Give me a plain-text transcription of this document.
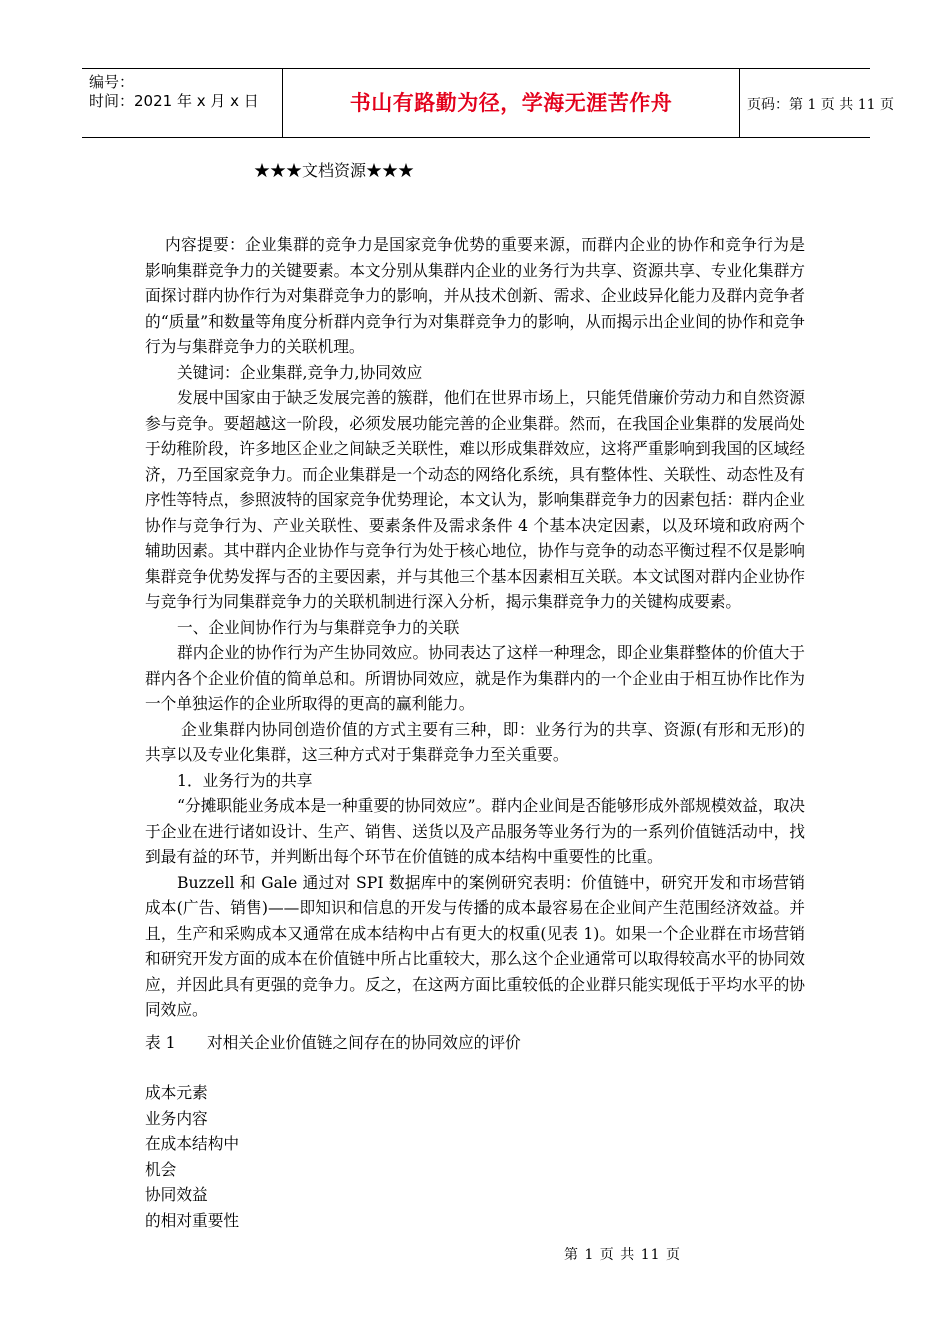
编号：
时间：2021 年 x 月 x 日	书山有路勤为径，学海无涯苦作舟	页码：第 1 页 共 11 页
★★★文档资源★★★

内容提要：企业集群的竞争力是国家竞争优势的重要来源，而群内企业的协作和竞争行为是影响集群竞争力的关键要素。本文分别从集群内企业的业务行为共享、资源共享、专业化集群方面探讨群内协作行为对集群竞争力的影响，并从技术创新、需求、企业歧异化能力及群内竞争者的“质量”和数量等角度分析群内竞争行为对集群竞争力的影响，从而揭示出企业间的协作和竞争行为与集群竞争力的关联机理。

关键词：企业集群,竞争力,协同效应

发展中国家由于缺乏发展完善的簇群，他们在世界市场上，只能凭借廉价劳动力和自然资源参与竞争。要超越这一阶段，必须发展功能完善的企业集群。然而，在我国企业集群的发展尚处于幼稚阶段，许多地区企业之间缺乏关联性，难以形成集群效应，这将严重影响到我国的区域经济，乃至国家竞争力。而企业集群是一个动态的网络化系统，具有整体性、关联性、动态性及有序性等特点，参照波特的国家竞争优势理论，本文认为，影响集群竞争力的因素包括：群内企业协作与竞争行为、产业关联性、要素条件及需求条件 4 个基本决定因素，以及环境和政府两个辅助因素。其中群内企业协作与竞争行为处于核心地位，协作与竞争的动态平衡过程不仅是影响集群竞争优势发挥与否的主要因素，并与其他三个基本因素相互关联。本文试图对群内企业协作与竞争行为同集群竞争力的关联机制进行深入分析，揭示集群竞争力的关键构成要素。

一、企业间协作行为与集群竞争力的关联

群内企业的协作行为产生协同效应。协同表达了这样一种理念，即企业集群整体的价值大于群内各个企业价值的简单总和。所谓协同效应，就是作为集群内的一个企业由于相互协作比作为一个单独运作的企业所取得的更高的赢利能力。

企业集群内协同创造价值的方式主要有三种，即：业务行为的共享、资源(有形和无形)的共享以及专业化集群，这三种方式对于集群竞争力至关重要。

1．业务行为的共享

“分摊职能业务成本是一种重要的协同效应”。群内企业间是否能够形成外部规模效益，取决于企业在进行诸如设计、生产、销售、送货以及产品服务等业务行为的一系列价值链活动中，找到最有益的环节，并判断出每个环节在价值链的成本结构中重要性的比重。

Buzzell 和 Gale 通过对 SPI 数据库中的案例研究表明：价值链中，研究开发和市场营销成本(广告、销售)——即知识和信息的开发与传播的成本最容易在企业间产生范围经济效益。并且，生产和采购成本又通常在成本结构中占有更大的权重(见表 1)。如果一个企业群在市场营销和研究开发方面的成本在价值链中所占比重较大，那么这个企业通常可以取得较高水平的协同效应，并因此具有更强的竞争力。反之，在这两方面比重较低的企业群只能实现低于平均水平的协同效应。

表 1 对相关企业价值链之间存在的协同效应的评价
成本元素
业务内容
在成本结构中
机会
协同效益
的相对重要性
第 1 页 共 11 页
